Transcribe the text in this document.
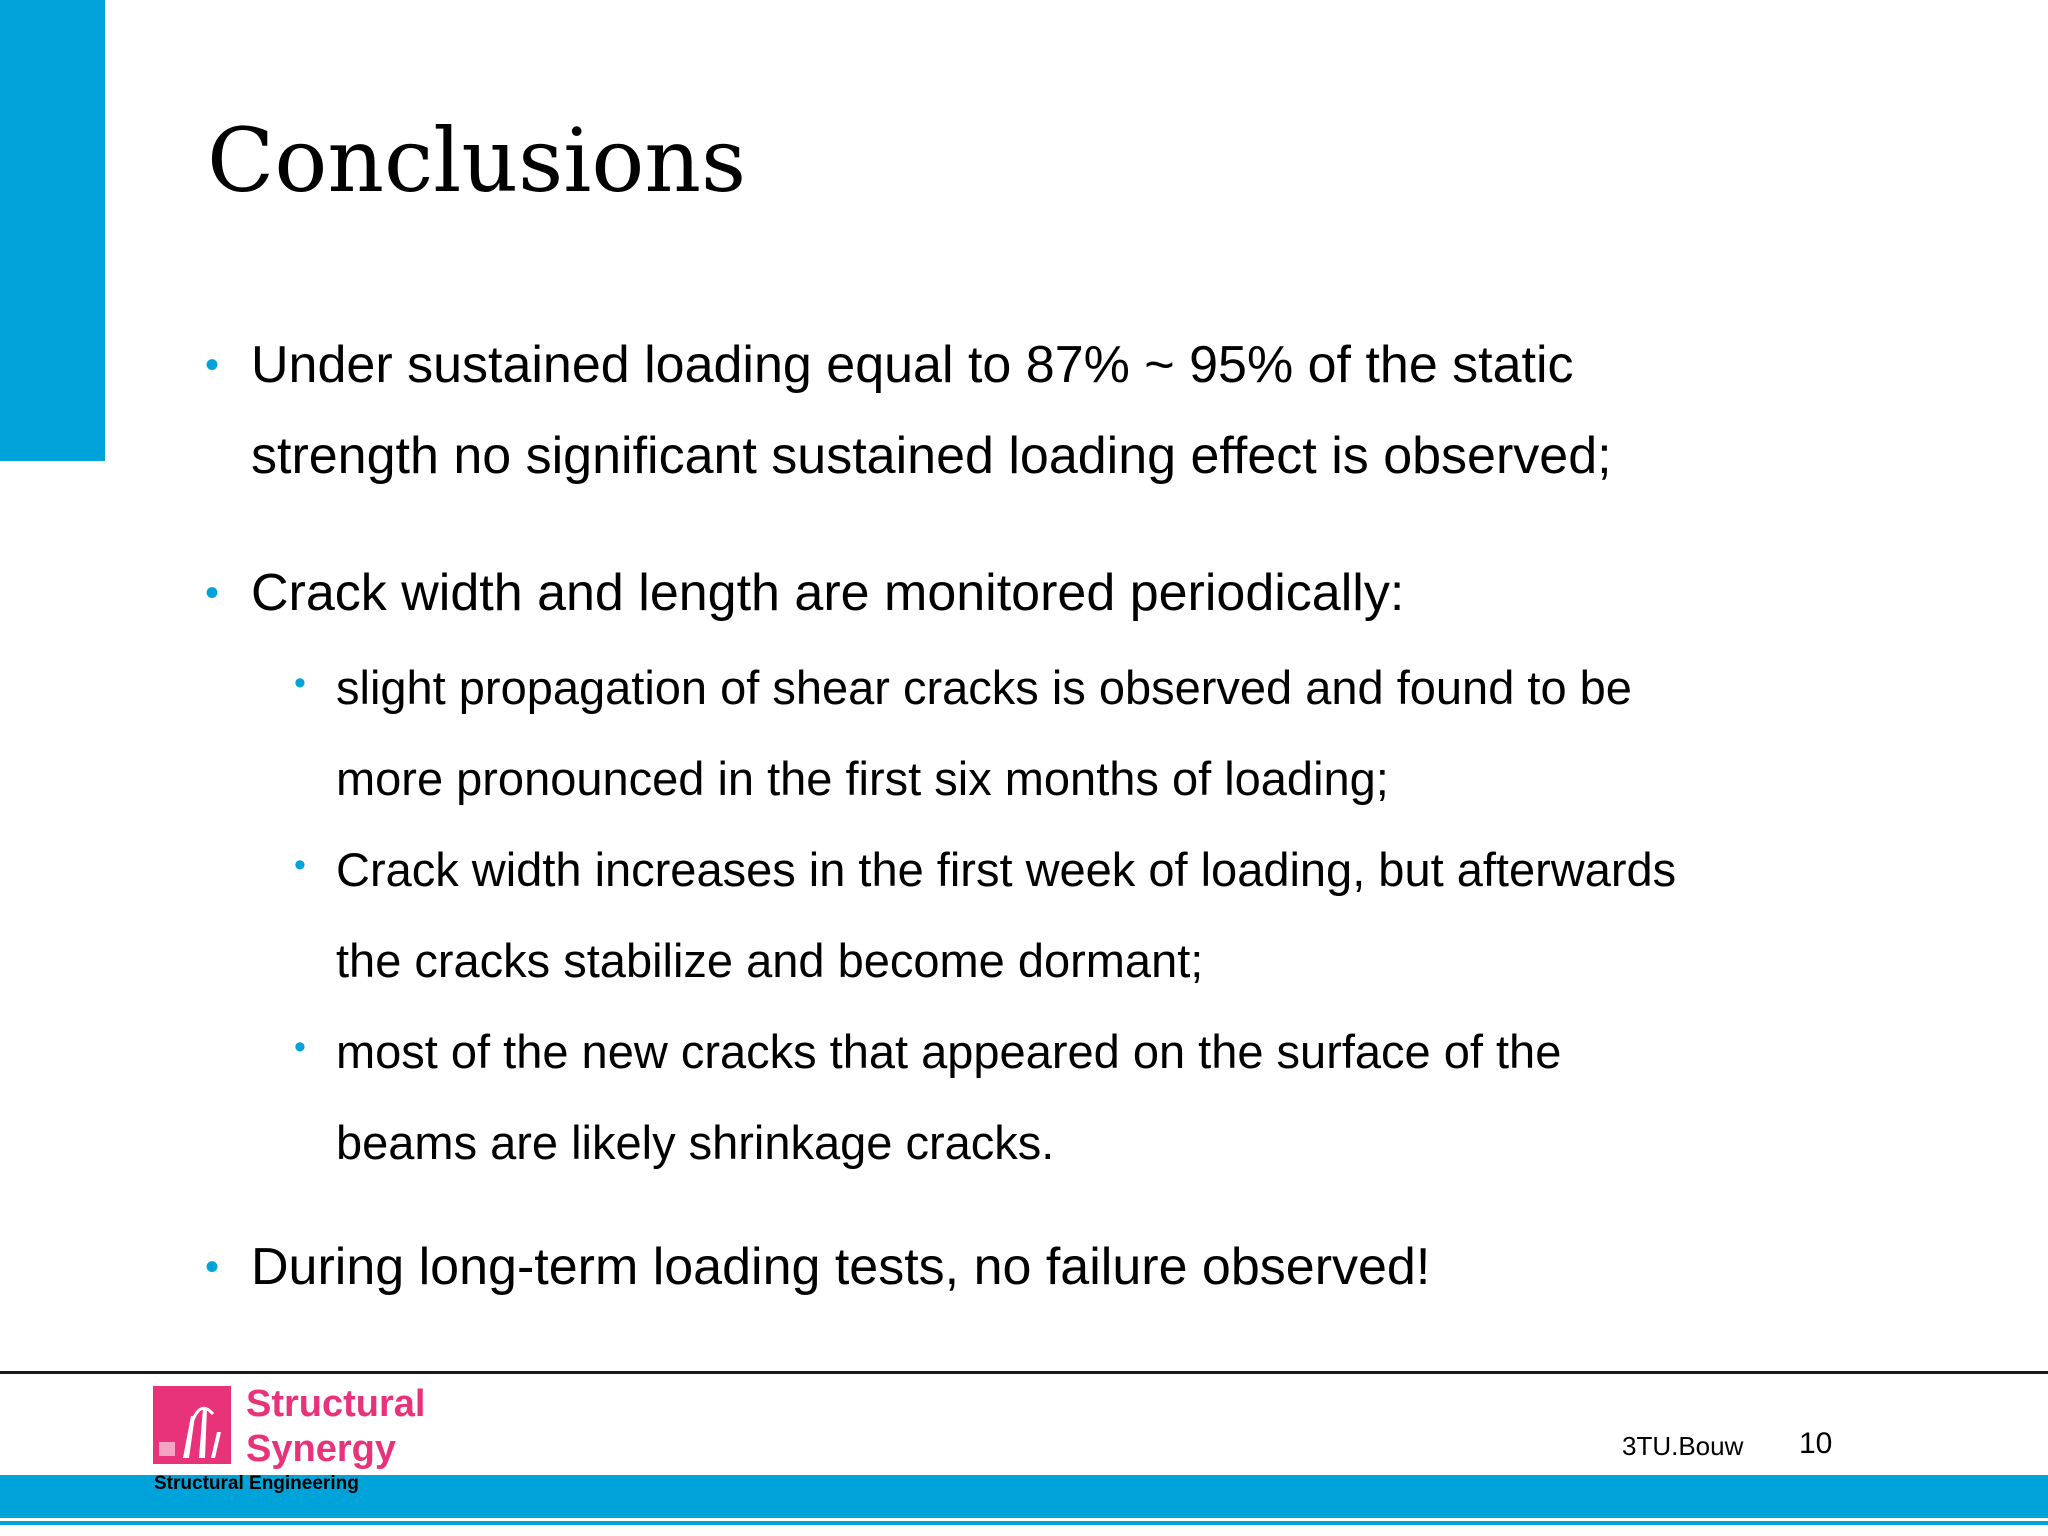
Conclusions
• Under sustained loading equal to 87% ~ 95% of the static
strength no significant sustained loading effect is observed;
• Crack width and length are monitored periodically:
• slight propagation of shear cracks is observed and found to be
more pronounced in the first six months of loading;
• Crack width increases in the first week of loading, but afterwards
the cracks stabilize and become dormant;
• most of the new cracks that appeared on the surface of the
beams are likely shrinkage cracks.
• During long-term loading tests, no failure observed!
Structural
Synergy
Structural Engineering
3TU.Bouw 10
